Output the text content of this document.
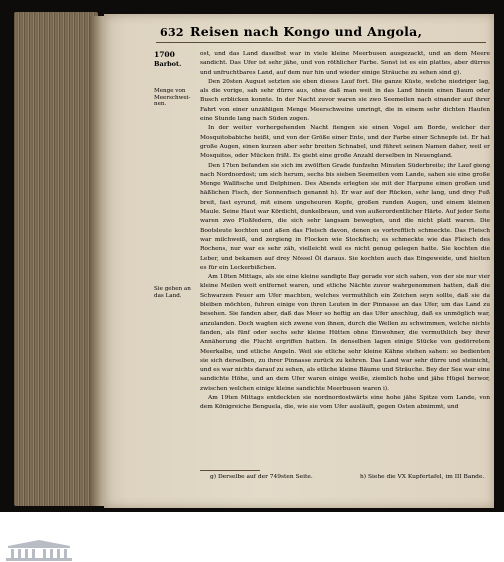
632 Reisen nach Kongo und Angola,
1700
Barbot.
Menge von Meerschwei-nen.
Sie gehen an das Land.

ost, und das Land daselbst war in viele kleine Meerbusen ausgezackt, und an dem Meere sandicht. Das Ufer ist sehr jähe, und von röthlicher Farbe. Sonst ist es ein plattes, aber dürres und unfruchtbares Land, auf dem nur hin und wieder einige Sträuche zu sehen sind g).

Den 20sten August setzten sie eben dieses Lauf fort. Die ganze Küste, welche niedriger lag, als die vorige, sah sehr dürre aus, ohne daß man weit in das Land hinein einen Baum oder Busch erblicken konnte. In der Nacht zuvor waren sie zwo Seemeilen nach einander auf ihrer Fahrt von einer unzähligen Menge Meerschweine umringt, die in einem sehr dichten Haufen eine Stunde lang nach Süden zogen.

In der weiter vorhergehenden Nacht fiengen sie einen Vogel am Borde, welcher der Mosquitobabiche heißt, und von der Größe einer Ente, und der Farbe einer Schnepfe ist. Er hat große Augen, einen kurzen aber sehr breiten Schnabel, und führet seinen Namen daher, weil er Mosquitos, oder Mücken frißt. Es giebt eine große Anzahl derselben in Neuengland.

Den 17ten befanden sie sich im zwölften Grade funfzehn Minuten Süderbreite; ihr Lauf gieng nach Nordnordost; um sich herum, sechs bis sieben Seemeilen vom Lande, sahen sie eine große Menge Wallfische und Delphinen. Des Abends erlegten sie mit der Harpune einen großen und häßlichen Fisch, der Sonnenfisch genannt h). Er war auf der Rücken, sehr lang, und drey Fuß breit, fast eyrund, mit einem ungeheuren Kopfe, großen runden Augen, und einem kleinen Maule. Seine Haut war Kördicht, dunkelbraun, und von außerordentlicher Härte. Auf jeder Seite waren zwo Floßfedern, die sich sehr langsam bewegten, und die nicht platt waren. Die Bootsleute kochten und aßen das Fleisch davon, denen es vortrefflich schmeckte. Das Fleisch war milchweiß, und zergieng in Flocken wie Stockfisch; es schmeckte wie das Fleisch des Rochens, nur war es sehr zäh, vielleicht weil es nicht genug gelegen hatte. Sie kochten die Leber, und bekamen auf drey Nössel Öl daraus. Sie kochten auch das Eingeweide, und hielten es für ein Leckerbißchen.

Am 18ten Mittags, als sie eine kleine sandigte Bay gerade vor sich sahen, von der sie nur vier kleine Meilen weit entfernet waren, und etliche Nächte zuvor wahrgenommen hatten, daß die Schwarzen Feuer am Ufer machten, welches vermuthlich ein Zeichen seyn sollte, daß sie da bleiben möchten, fuhren einige von ihren Leuten in der Pinnasse an das Ufer, um das Land zu besehen. Sie fanden aber, daß das Meer so heftig an das Ufer anschlug, daß es unmöglich war, anzulanden. Doch wagten sich zwene von ihnen, durch die Wellen zu schwimmen, welche nichts fanden, als fünf oder sechs sehr kleine Hütten ohne Einwohner, die vermuthlich bey ihrer Annäherung die Flucht ergriffen hatten. In denselben lagen einige Stücke von gedörretem Meerkalbe, und etliche Angeln. Weil sie etliche sehr kleine Kähne stehen sahen: so bedienten sie sich derselben, zu ihrer Pinnasse zurück zu kehren. Das Land war sehr dürre und steinicht, und es war nichts darauf zu sehen, als etliche kleine Bäume und Sträuche. Bey der See war eine sandichte Höhe, und an dem Ufer waren einige weiße, ziemlich hohe und jähe Hügel herwor, zwischen welchen einige kleine sandichte Meerbusen waren i).

Am 19ten Mittags entdeckten sie nordnordostwärts eine hohe jähe Spitze vom Lande, von dem Königreiche Benguela, die, wie sie vom Ufer ausläuft, gegen Osten abnimmt, und

g) Derselbe auf der 749sten Seite.	h) Siehe die VX Kupfertafel, im III Bande.
